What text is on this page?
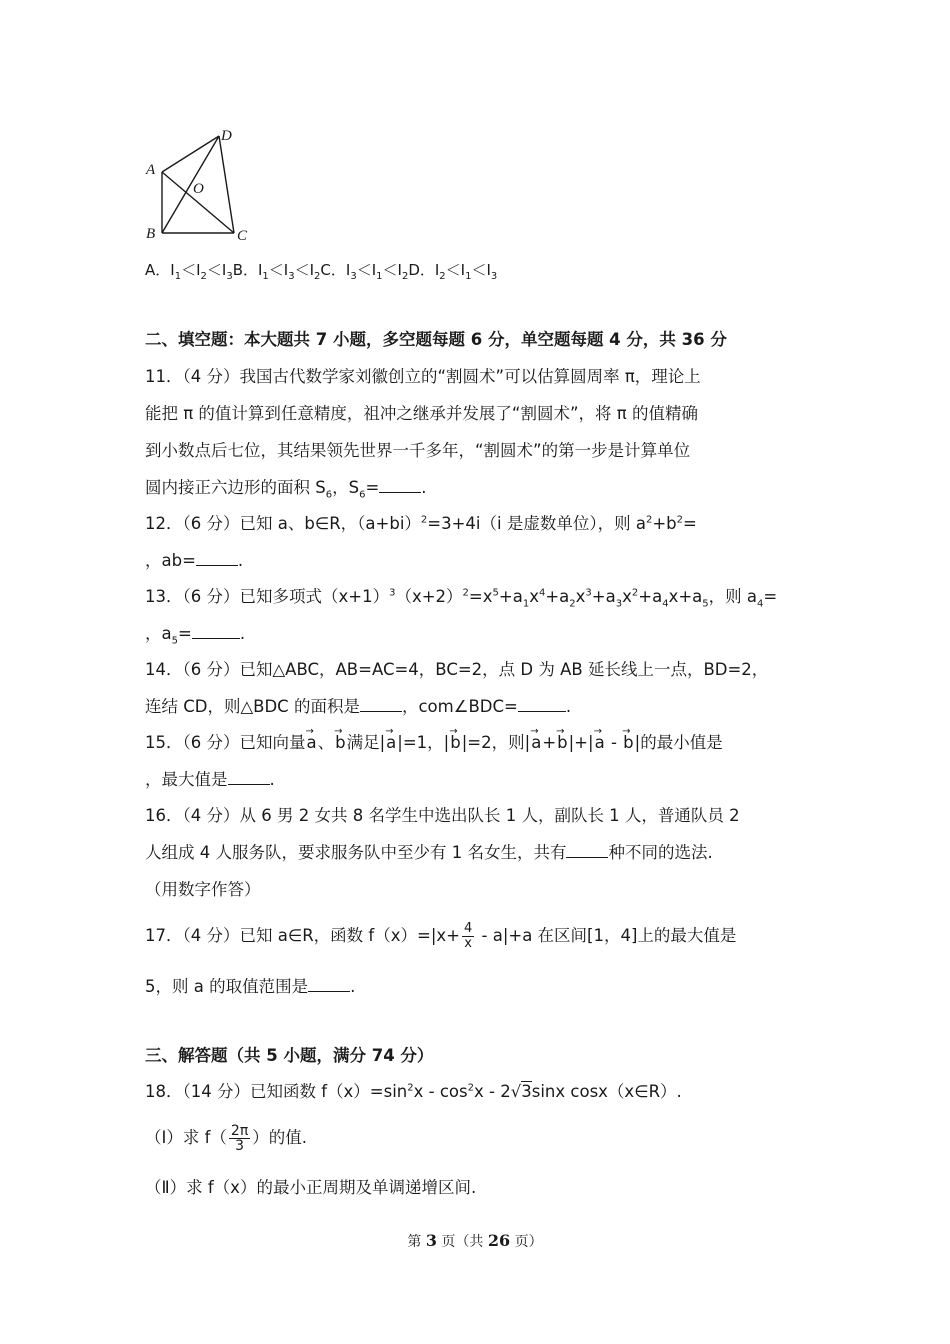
A
B	C
D
O
A．$I_1<I_2<I_3B$．$I_1<I_3<I_2C$．$I_3<I_1<I_2D$．$I_2<I_1<I_3$
二、填空题：本大题共 7 小题，多空题每题 6 分，单空题每题 4 分，共 36 分
11．（4 分）我国古代数学家刘徽创立的“割圆术”可以估算圆周率 π，理论上
能把 π 的值计算到任意精度，祖冲之继承并发展了“割圆术”，将 π 的值精确
到小数点后七位，其结果领先世界一千多年，“割圆术”的第一步是计算单位
圆内接正六边形的面积 $S_6$，$S_6=$	.
12．（6 分）已知 a、b∈R，$(a+bi)^2=3+4i(i$ 是虚数单位），则 $a^2+b^2=$
，ab=	.
13．（6 分）已知多项式$(x+1)^3(x+2)^2=x^5+a_1x^4+a_2x^3+a_3x^2+a_4x+a_5$，则 $a_4=$
，$a_5=$	.
14．（6 分）已知△ABC，AB=AC=4，BC=2，点 D 为 AB 延长线上一点，BD=2，
连结 CD，则△BDC 的面积是	，com∠BDC=	.
15．（6 分）已知向量→ a、→ b满足|→ a|=1，|→ b|=2，则|→ a+→ b|+|→ a - → b|的最小值是
，最大值是	.
16．（4 分）从 6 男 2 女共 8 名学生中选出队长 1 人，副队长 1 人，普通队员 2
人组成 4 人服务队，要求服务队中至少有 1 名女生，共有	种不同的选法.
（用数字作答）
17．（4 分）已知 a∈R，函数 $f(x)=|x+ \frac{4}{x} - a|+a$ 在区间[1，4]上的最大值是
5，则 a 的取值范围是	.
三、解答题（共 5 小题，满分 74 分）
18．（14 分）已知函数 $f(x)=\sin^2x - \cos^2x - 2√3\sin x$ cosx（x∈R）.
（Ⅰ）求 $f( \frac{2\pi}{3}$ ）的值.
（Ⅱ）求 f（x）的最小正周期及单调递增区间.
第 3 页（共 26 页）
